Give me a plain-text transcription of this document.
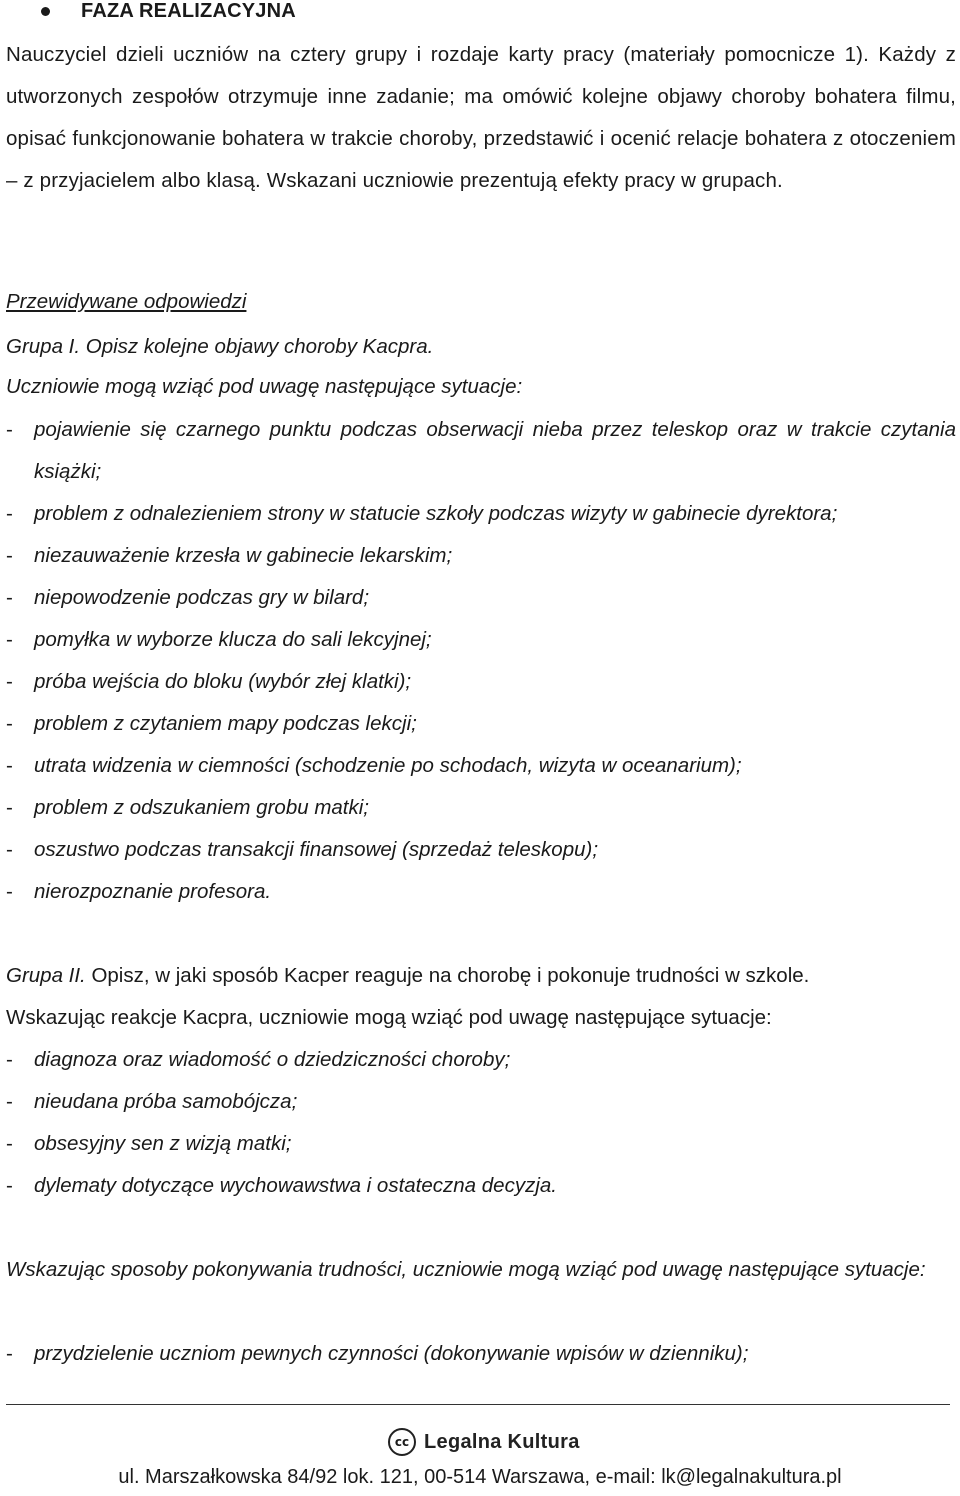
FAZA REALIZACYJNA
Nauczyciel dzieli uczniów na cztery grupy i rozdaje karty pracy (materiały pomocnicze 1). Każdy z utworzonych zespołów otrzymuje inne zadanie; ma omówić kolejne objawy choroby bohatera filmu, opisać funkcjonowanie bohatera w trakcie choroby, przedstawić i ocenić relacje bohatera z otoczeniem – z przyjacielem albo klasą. Wskazani uczniowie prezentują efekty pracy w grupach.
Przewidywane odpowiedzi
Grupa I. Opisz kolejne objawy choroby Kacpra.
Uczniowie mogą wziąć pod uwagę następujące sytuacje:
- pojawienie się czarnego punktu podczas obserwacji nieba przez teleskop oraz w trakcie czytania książki;
- problem z odnalezieniem strony w statucie szkoły podczas wizyty w gabinecie dyrektora;
- niezauważenie krzesła w gabinecie lekarskim;
- niepowodzenie podczas gry w bilard;
- pomyłka w wyborze klucza do sali lekcyjnej;
- próba wejścia do bloku (wybór złej klatki);
- problem z czytaniem mapy podczas lekcji;
- utrata widzenia w ciemności (schodzenie po schodach, wizyta w oceanarium);
- problem z odszukaniem grobu matki;
- oszustwo podczas transakcji finansowej (sprzedaż teleskopu);
- nierozpoznanie profesora.
Grupa II. Opisz, w jaki sposób Kacper reaguje na chorobę i pokonuje trudności w szkole.
Wskazując reakcje Kacpra, uczniowie mogą wziąć pod uwagę następujące sytuacje:
- diagnoza oraz wiadomość o dziedziczności choroby;
- nieudana próba samobójcza;
- obsesyjny sen z wizją matki;
- dylematy dotyczące wychowawstwa i ostateczna decyzja.
Wskazując sposoby pokonywania trudności, uczniowie mogą wziąć pod uwagę następujące sytuacje:
- przydzielenie uczniom pewnych czynności (dokonywanie wpisów w dzienniku);
cc Legalna Kultura
ul. Marszałkowska 84/92 lok. 121, 00-514 Warszawa, e-mail: lk@legalnakultura.pl
